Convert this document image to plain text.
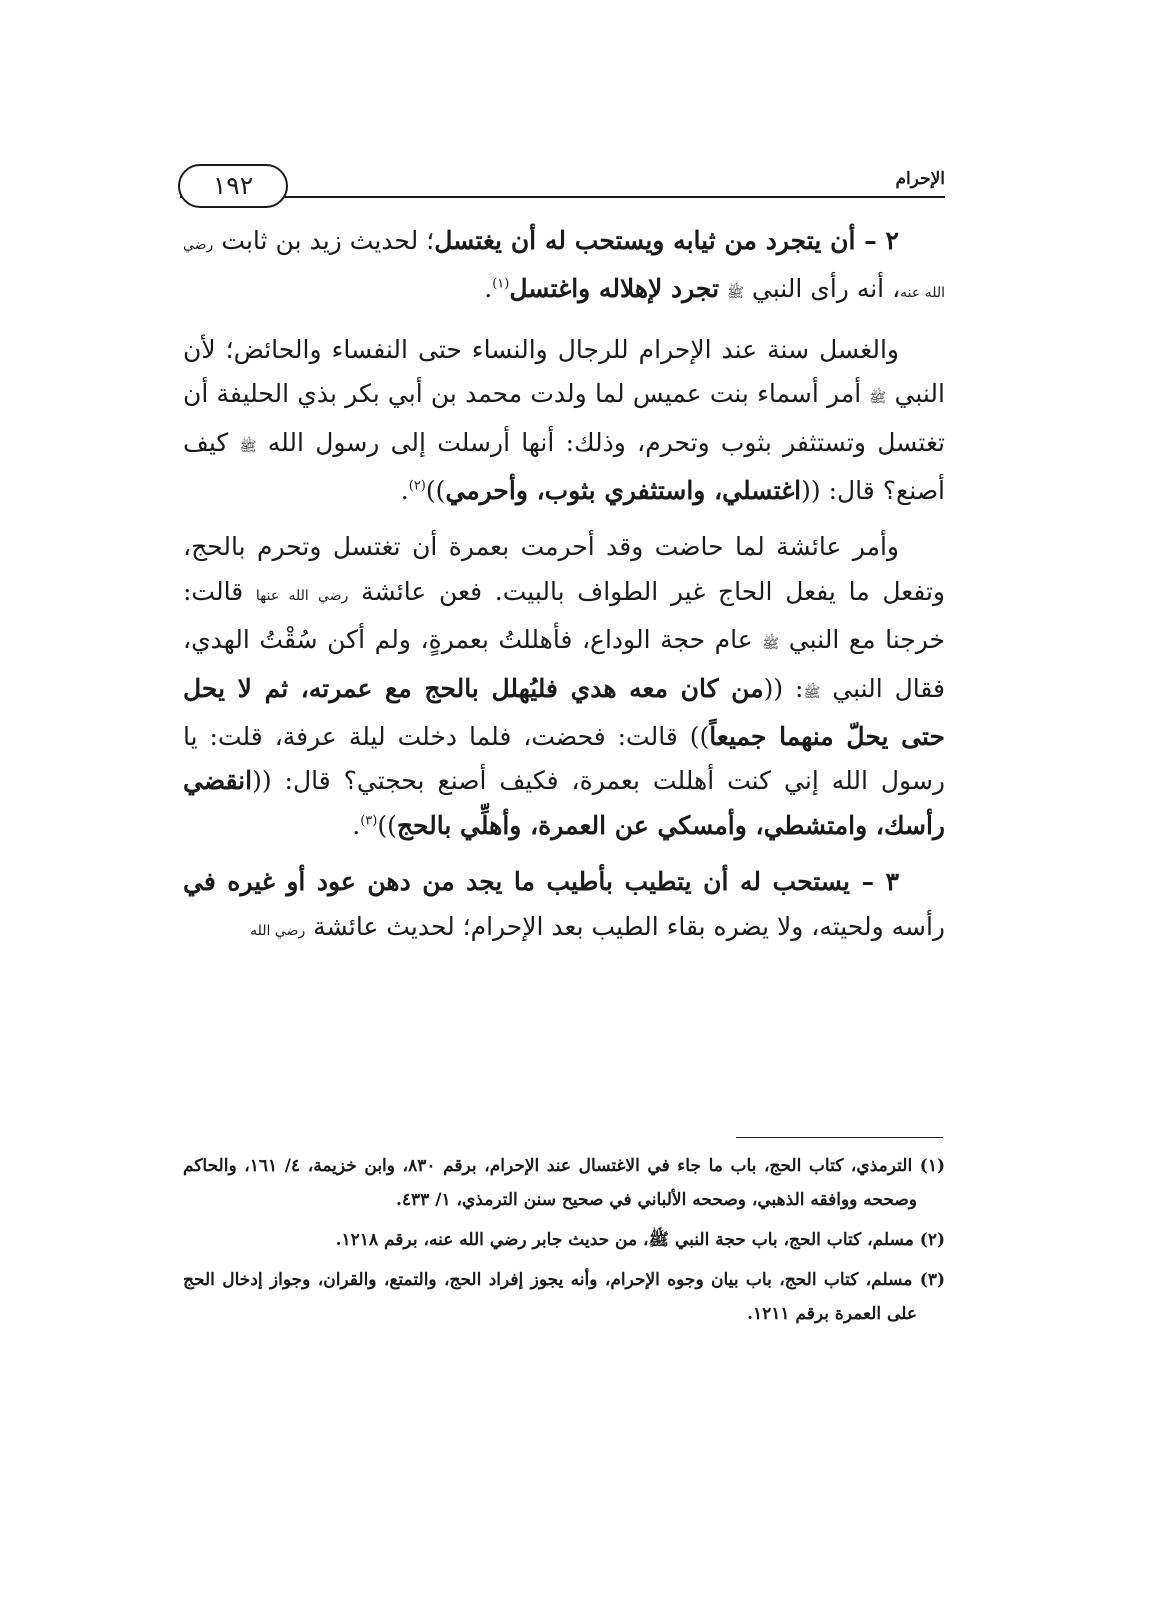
الإحرام
١٩٢

٢ – أن يتجرد من ثيابه ويستحب له أن يغتسل؛ لحديث زيد بن ثابت رضي الله عنه، أنه رأى النبي ﷺ تجرد لإهلاله واغتسل$^{(١)}$.

والغسل سنة عند الإحرام للرجال والنساء حتى النفساء والحائض؛ لأن النبي ﷺ أمر أسماء بنت عميس لما ولدت محمد بن أبي بكر بذي الحليفة أن تغتسل وتستثفر بثوب وتحرم، وذلك: أنها أرسلت إلى رسول الله ﷺ كيف أصنع؟ قال: ((اغتسلي، واستثفري بثوب، وأحرمي))$^{(٢)}$.

وأمر عائشة لما حاضت وقد أحرمت بعمرة أن تغتسل وتحرم بالحج، وتفعل ما يفعل الحاج غير الطواف بالبيت. فعن عائشة رضي الله عنها قالت: خرجنا مع النبي ﷺ عام حجة الوداع، فأهللتُ بعمرةٍ، ولم أكن سُقْتُ الهدي، فقال النبي ﷺ: ((من كان معه هدي فليُهلل بالحج مع عمرته، ثم لا يحل حتى يحلّ منهما جميعاً)) قالت: فحضت، فلما دخلت ليلة عرفة، قلت: يا رسول الله إني كنت أهللت بعمرة، فكيف أصنع بحجتي؟ قال: ((انقضي رأسك، وامتشطي، وأمسكي عن العمرة، وأهلِّي بالحج))$^{(٣)}$.

٣ – يستحب له أن يتطيب بأطيب ما يجد من دهن عود أو غيره في رأسه ولحيته، ولا يضره بقاء الطيب بعد الإحرام؛ لحديث عائشة رضي الله

(١) الترمذي، كتاب الحج، باب ما جاء في الاغتسال عند الإحرام، برقم ٨٣٠، وابن خزيمة، ٤/ ١٦١، والحاكم وصححه ووافقه الذهبي، وصححه الألباني في صحيح سنن الترمذي، ١/ ٤٣٣.

(٢) مسلم، كتاب الحج، باب حجة النبي ﷺ، من حديث جابر رضي الله عنه، برقم ١٢١٨.

(٣) مسلم، كتاب الحج، باب بيان وجوه الإحرام، وأنه يجوز إفراد الحج، والتمتع، والقران، وجواز إدخال الحج على العمرة برقم ١٢١١.
